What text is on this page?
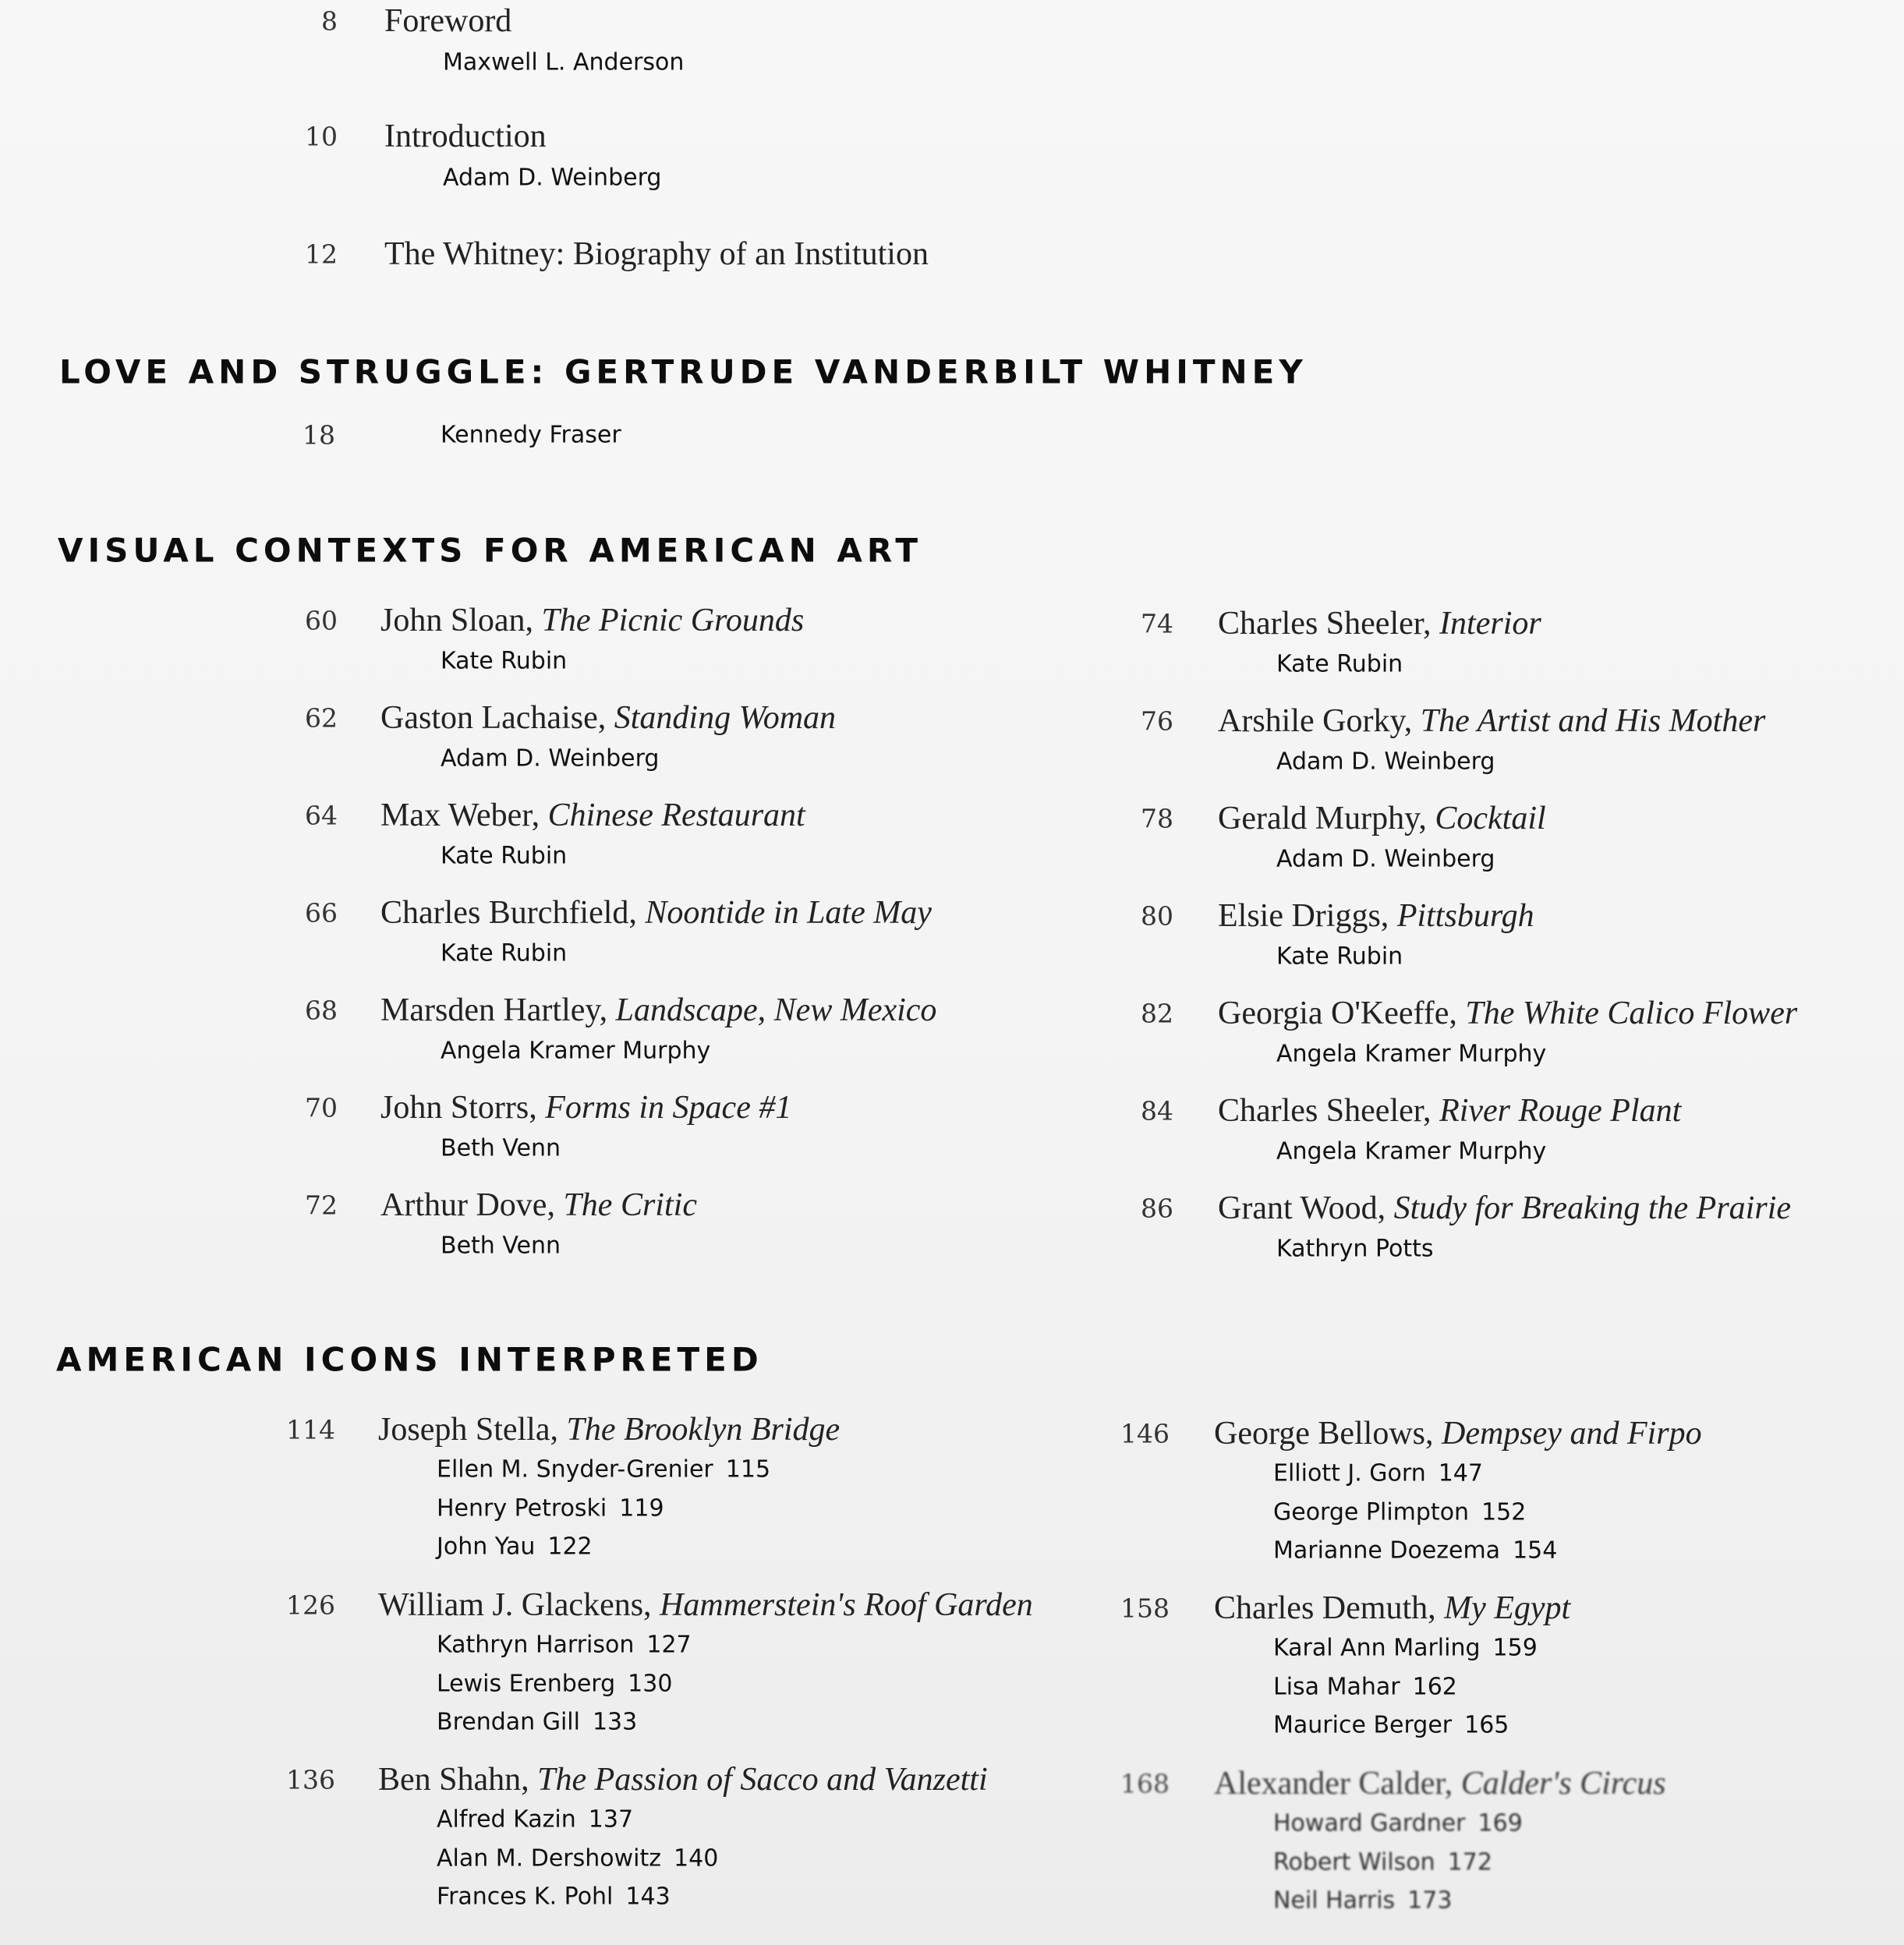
8 Foreword
Maxwell L. Anderson
10 Introduction
Adam D. Weinberg
12 The Whitney: Biography of an Institution
LOVE AND STRUGGLE: GERTRUDE VANDERBILT WHITNEY
18	Kennedy Fraser
VISUAL CONTEXTS FOR AMERICAN ART
60 John Sloan, The Picnic Grounds
Kate Rubin
62 Gaston Lachaise, Standing Woman
Adam D. Weinberg
64 Max Weber, Chinese Restaurant
Kate Rubin
66 Charles Burchfield, Noontide in Late May
Kate Rubin
68 Marsden Hartley, Landscape, New Mexico
Angela Kramer Murphy
70 John Storrs, Forms in Space #1
Beth Venn
72 Arthur Dove, The Critic
Beth Venn
74 Charles Sheeler, Interior
Kate Rubin
76 Arshile Gorky, The Artist and His Mother
Adam D. Weinberg
78 Gerald Murphy, Cocktail
Adam D. Weinberg
80 Elsie Driggs, Pittsburgh
Kate Rubin
82 Georgia O'Keeffe, The White Calico Flower
Angela Kramer Murphy
84 Charles Sheeler, River Rouge Plant
Angela Kramer Murphy
86 Grant Wood, Study for Breaking the Prairie
Kathryn Potts
AMERICAN ICONS INTERPRETED
114 Joseph Stella, The Brooklyn Bridge
Ellen M. Snyder-Grenier 115
Henry Petroski 119
John Yau 122
126 William J. Glackens, Hammerstein's Roof Garden
Kathryn Harrison 127
Lewis Erenberg 130
Brendan Gill 133
136 Ben Shahn, The Passion of Sacco and Vanzetti
Alfred Kazin 137
Alan M. Dershowitz 140
Frances K. Pohl 143
146 George Bellows, Dempsey and Firpo
Elliott J. Gorn 147
George Plimpton 152
Marianne Doezema 154
158 Charles Demuth, My Egypt
Karal Ann Marling 159
Lisa Mahar 162
Maurice Berger 165
168 Alexander Calder, Calder's Circus
Howard Gardner 169
Robert Wilson 172
Neil Harris 173
